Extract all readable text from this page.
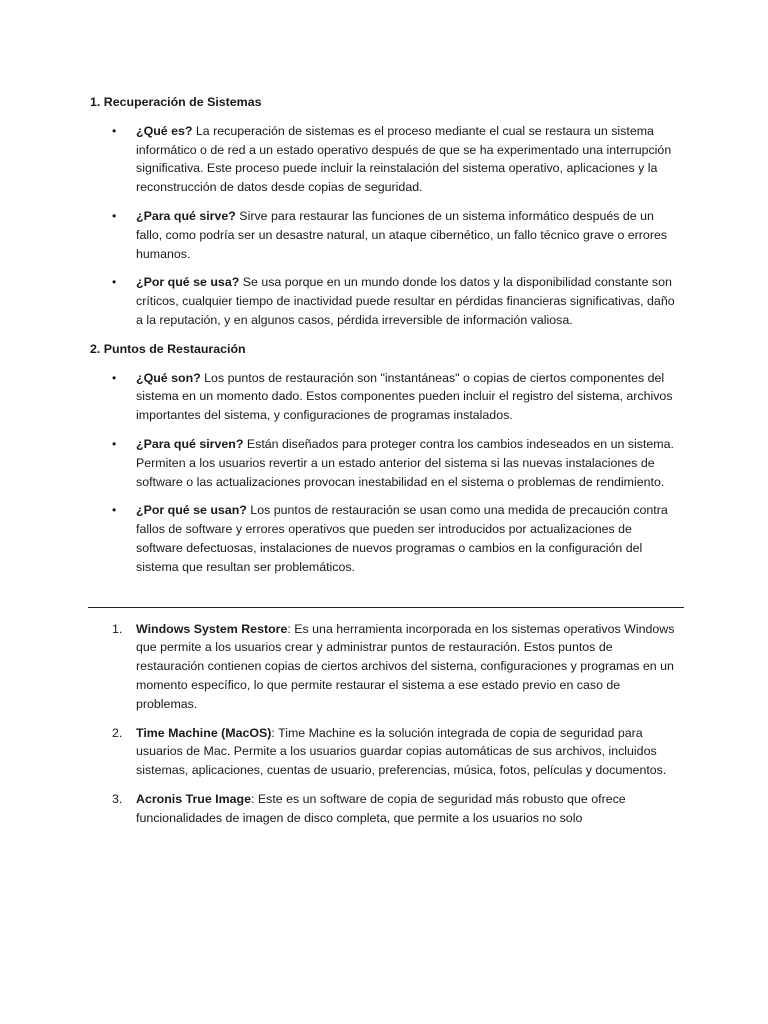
1. Recuperación de Sistemas
• ¿Qué es? La recuperación de sistemas es el proceso mediante el cual se restaura un sistema informático o de red a un estado operativo después de que se ha experimentado una interrupción significativa. Este proceso puede incluir la reinstalación del sistema operativo, aplicaciones y la reconstrucción de datos desde copias de seguridad.
• ¿Para qué sirve? Sirve para restaurar las funciones de un sistema informático después de un fallo, como podría ser un desastre natural, un ataque cibernético, un fallo técnico grave o errores humanos.
• ¿Por qué se usa? Se usa porque en un mundo donde los datos y la disponibilidad constante son críticos, cualquier tiempo de inactividad puede resultar en pérdidas financieras significativas, daño a la reputación, y en algunos casos, pérdida irreversible de información valiosa.
2. Puntos de Restauración
• ¿Qué son? Los puntos de restauración son "instantáneas" o copias de ciertos componentes del sistema en un momento dado. Estos componentes pueden incluir el registro del sistema, archivos importantes del sistema, y configuraciones de programas instalados.
• ¿Para qué sirven? Están diseñados para proteger contra los cambios indeseados en un sistema. Permiten a los usuarios revertir a un estado anterior del sistema si las nuevas instalaciones de software o las actualizaciones provocan inestabilidad en el sistema o problemas de rendimiento.
• ¿Por qué se usan? Los puntos de restauración se usan como una medida de precaución contra fallos de software y errores operativos que pueden ser introducidos por actualizaciones de software defectuosas, instalaciones de nuevos programas o cambios en la configuración del sistema que resultan ser problemáticos.
1. Windows System Restore: Es una herramienta incorporada en los sistemas operativos Windows que permite a los usuarios crear y administrar puntos de restauración. Estos puntos de restauración contienen copias de ciertos archivos del sistema, configuraciones y programas en un momento específico, lo que permite restaurar el sistema a ese estado previo en caso de problemas.
2. Time Machine (MacOS): Time Machine es la solución integrada de copia de seguridad para usuarios de Mac. Permite a los usuarios guardar copias automáticas de sus archivos, incluidos sistemas, aplicaciones, cuentas de usuario, preferencias, música, fotos, películas y documentos.
3. Acronis True Image: Este es un software de copia de seguridad más robusto que ofrece funcionalidades de imagen de disco completa, que permite a los usuarios no solo
